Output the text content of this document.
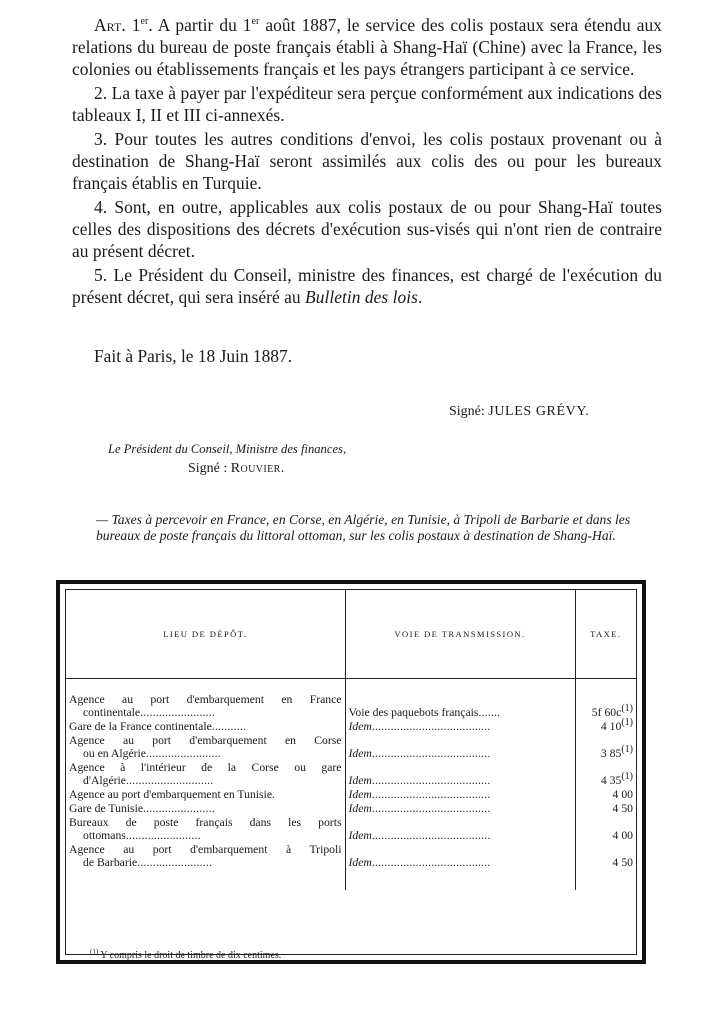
Art. 1er. A partir du 1er août 1887, le service des colis postaux sera étendu aux relations du bureau de poste français établi à Shang-Haï (Chine) avec la France, les colonies ou établissements français et les pays étrangers participant à ce service.

2. La taxe à payer par l'expéditeur sera perçue conformément aux indications des tableaux I, II et III ci-annexés.

3. Pour toutes les autres conditions d'envoi, les colis postaux provenant ou à destination de Shang-Haï seront assimilés aux colis des ou pour les bureaux français établis en Turquie.

4. Sont, en outre, applicables aux colis postaux de ou pour Shang-Haï toutes celles des dispositions des décrets d'exécution sus-visés qui n'ont rien de contraire au présent décret.

5. Le Président du Conseil, ministre des finances, est chargé de l'exécution du présent décret, qui sera inséré au Bulletin des lois.

Fait à Paris, le 18 Juin 1887.

Signé: JULES GRÉVY.

Le Président du Conseil, Ministre des finances,

Signé : Rouvier.

— Taxes à percevoir en France, en Corse, en Algérie, en Tunisie, à Tripoli de Barbarie et dans les bureaux de poste français du littoral ottoman, sur les colis postaux à destination de Shang-Haï.

LIEU DE DÉPÔT.	VOIE DE TRANSMISSION.	TAXE.

Agence au port d'embarquement en France
continentale........................	Voie des paquebots français.......	5f $60c^{(1)}$

Gare de la France continentale...........	Idem......................................	4 10$^{(1)}$

Agence au port d'embarquement en Corse
ou en Algérie........................	Idem......................................	3 85$^{(1)}$

Agence à l'intérieur de la Corse ou gare
d'Algérie............................	Idem......................................	4 35$^{(1)}$

Agence au port d'embarquement en Tunisie.	Idem......................................	4 00

Gare de Tunisie.......................	Idem......................................	4 50

Bureaux de poste français dans les ports
ottomans........................	Idem......................................	4 00

Agence au port d'embarquement à Tripoli
de Barbarie........................	Idem......................................	4 50

$^{(1)}$ Y compris le droit de timbre de dix centimes.
